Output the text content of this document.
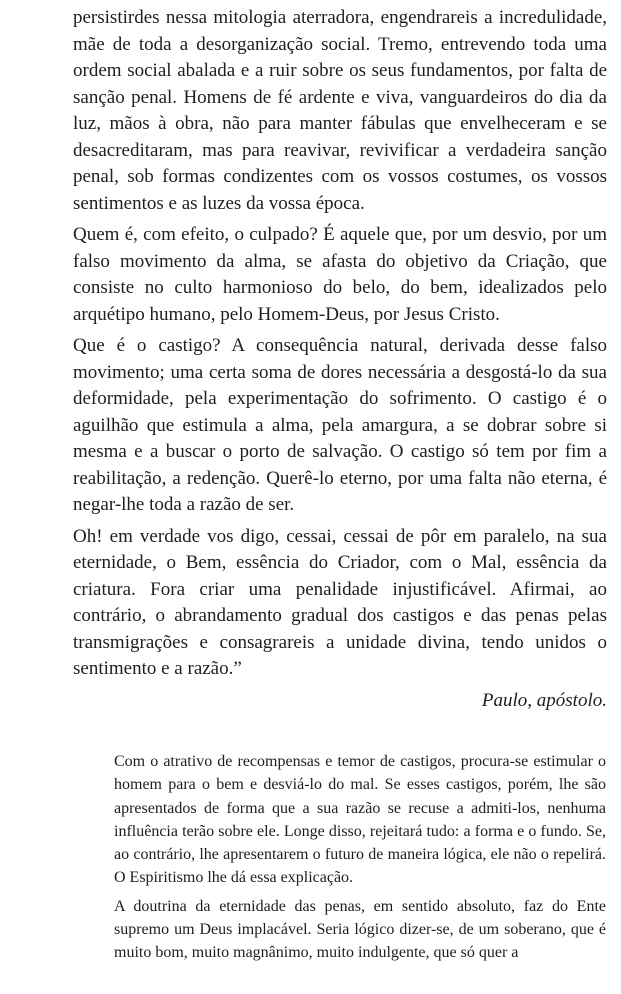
persistirdes nessa mitologia aterradora, engendrareis a incredulidade, mãe de toda a desorganização social. Tremo, entrevendo toda uma ordem social abalada e a ruir sobre os seus fundamentos, por falta de sanção penal. Homens de fé ardente e viva, vanguardeiros do dia da luz, mãos à obra, não para manter fábulas que envelheceram e se desacreditaram, mas para reavivar, revivificar a verdadeira sanção penal, sob formas condizentes com os vossos costumes, os vossos sentimentos e as luzes da vossa época.

Quem é, com efeito, o culpado? É aquele que, por um desvio, por um falso movimento da alma, se afasta do objetivo da Criação, que consiste no culto harmonioso do belo, do bem, idealizados pelo arquétipo humano, pelo Homem-Deus, por Jesus Cristo.

Que é o castigo? A consequência natural, derivada desse falso movimento; uma certa soma de dores necessária a desgostá-lo da sua deformidade, pela experimentação do sofrimento. O castigo é o aguilhão que estimula a alma, pela amargura, a se dobrar sobre si mesma e a buscar o porto de salvação. O castigo só tem por fim a reabilitação, a redenção. Querê-lo eterno, por uma falta não eterna, é negar-lhe toda a razão de ser.

Oh! em verdade vos digo, cessai, cessai de pôr em paralelo, na sua eternidade, o Bem, essência do Criador, com o Mal, essência da criatura. Fora criar uma penalidade injustificável. Afirmai, ao contrário, o abrandamento gradual dos castigos e das penas pelas transmigrações e consagrareis a unidade divina, tendo unidos o sentimento e a razão.”

Paulo, apóstolo.

Com o atrativo de recompensas e temor de castigos, procura-se estimular o homem para o bem e desviá-lo do mal. Se esses castigos, porém, lhe são apresentados de forma que a sua razão se recuse a admiti-los, nenhuma influência terão sobre ele. Longe disso, rejeitará tudo: a forma e o fundo. Se, ao contrário, lhe apresentarem o futuro de maneira lógica, ele não o repelirá. O Espiritismo lhe dá essa explicação.

A doutrina da eternidade das penas, em sentido absoluto, faz do Ente supremo um Deus implacável. Seria lógico dizer-se, de um soberano, que é muito bom, muito magnânimo, muito indulgente, que só quer a
